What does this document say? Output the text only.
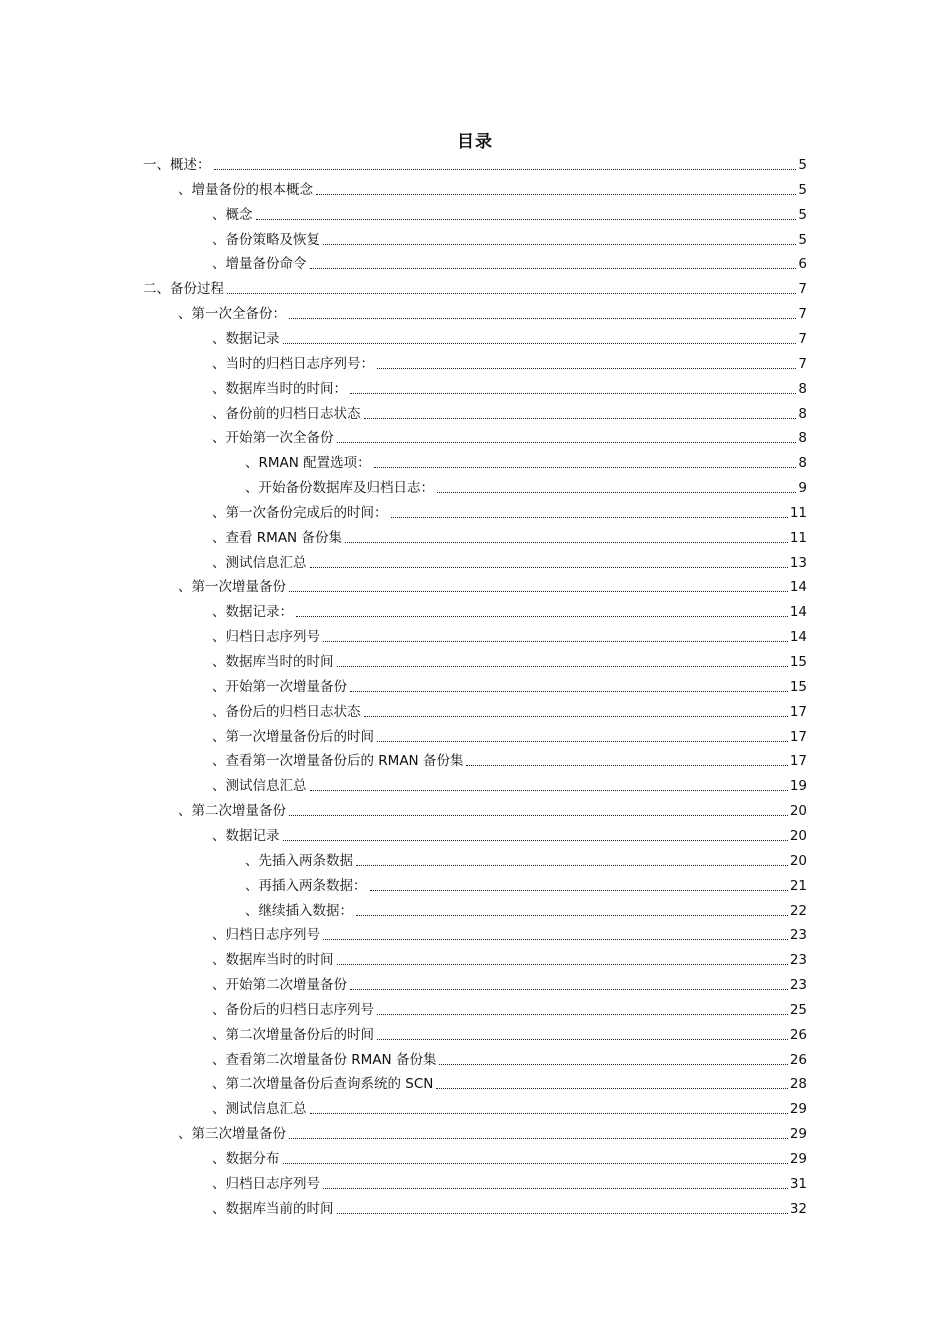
目录
一、概述：	5
、增量备份的根本概念	5
、概念	5
、备份策略及恢复	5
、增量备份命令	6
二、备份过程	7
、第一次全备份：	7
、数据记录	7
、当时的归档日志序列号：	7
、数据库当时的时间：	8
、备份前的归档日志状态	8
、开始第一次全备份	8
、RMAN 配置选项：	8
、开始备份数据库及归档日志：	9
、第一次备份完成后的时间：	11
、查看 RMAN 备份集	11
、测试信息汇总	13
、第一次增量备份	14
、数据记录：	14
、归档日志序列号	14
、数据库当时的时间	15
、开始第一次增量备份	15
、备份后的归档日志状态	17
、第一次增量备份后的时间	17
、查看第一次增量备份后的 RMAN 备份集	17
、测试信息汇总	19
、第二次增量备份	20
、数据记录	20
、先插入两条数据	20
、再插入两条数据：	21
、继续插入数据：	22
、归档日志序列号	23
、数据库当时的时间	23
、开始第二次增量备份	23
、备份后的归档日志序列号	25
、第二次增量备份后的时间	26
、查看第二次增量备份 RMAN 备份集	26
、第二次增量备份后查询系统的 SCN	28
、测试信息汇总	29
、第三次增量备份	29
、数据分布	29
、归档日志序列号	31
、数据库当前的时间	32
